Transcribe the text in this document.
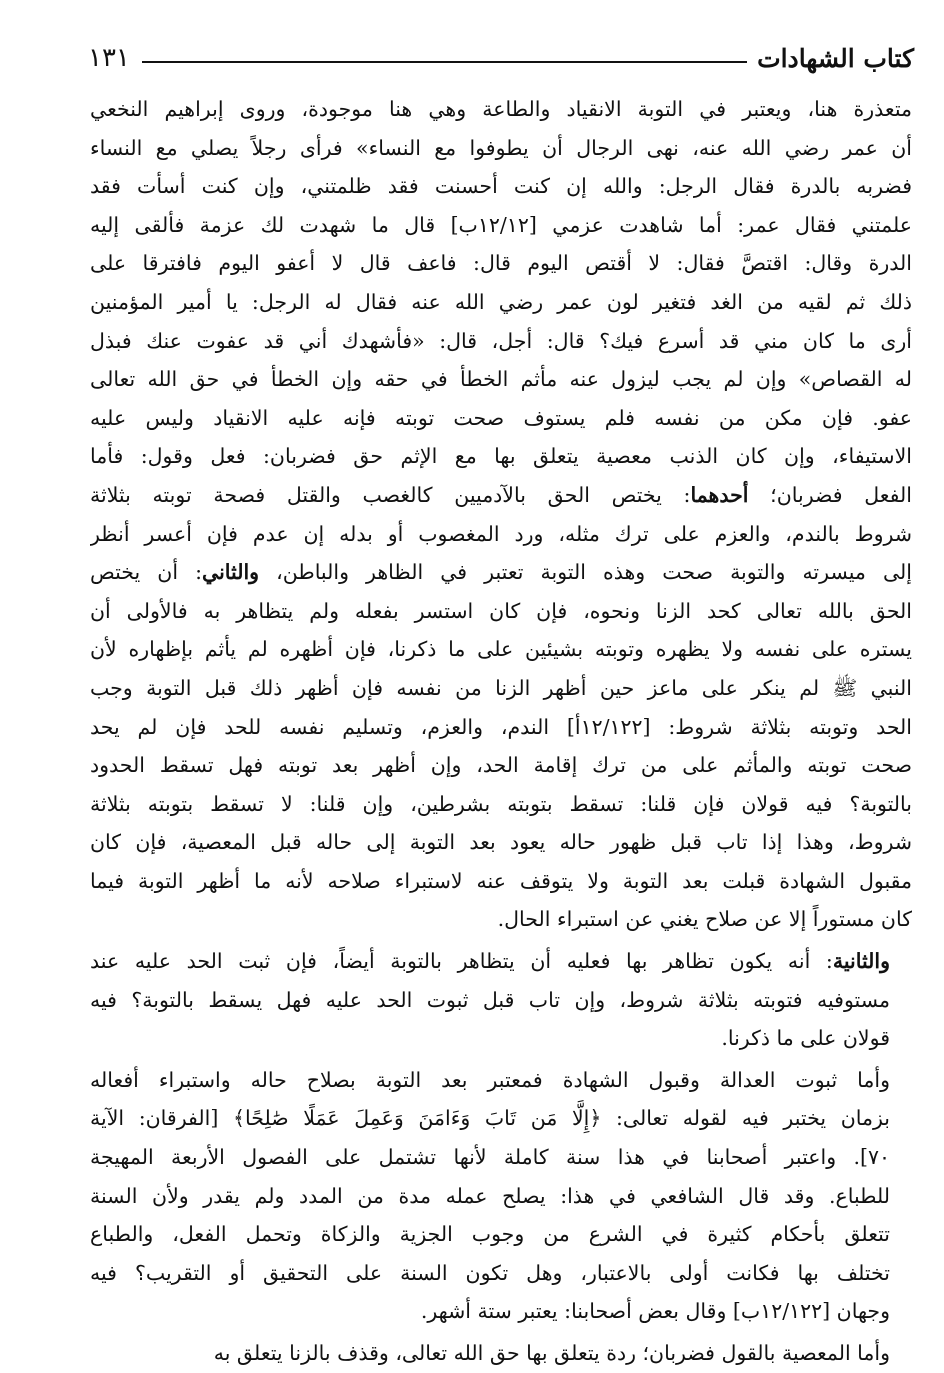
كتاب الشهادات
١٣١
متعذرة هنا، ويعتبر في التوبة الانقياد والطاعة وهي هنا موجودة، وروى إبراهيم النخعي
أن عمر رضي الله عنه، نهى الرجال أن يطوفوا مع النساء» فرأى رجلاً يصلي مع النساء
فضربه بالدرة فقال الرجل: والله إن كنت أحسنت فقد ظلمتني، وإن كنت أسأت فقد
علمتني فقال عمر: أما شاهدت عزمي [١٢/١٢ب] قال ما شهدت لك عزمة فألقى إليه
الدرة وقال: اقتصَّ فقال: لا أقتص اليوم قال: فاعف قال لا أعفو اليوم فافترقا على
ذلك ثم لقيه من الغد فتغير لون عمر رضي الله عنه فقال له الرجل: يا أمير المؤمنين
أرى ما كان مني قد أسرع فيك؟ قال: أجل، قال: «فأشهدك أني قد عفوت عنك فبذل
له القصاص» وإن لم يجب ليزول عنه مأثم الخطأ في حقه وإن الخطأ في حق الله تعالى
عفو. فإن مكن من نفسه فلم يستوف صحت توبته فإنه عليه الانقياد وليس عليه
الاستيفاء، وإن كان الذنب معصية يتعلق بها مع الإثم حق فضربان: فعل وقول: فأما
الفعل فضربان؛ أحدهما: يختص الحق بالآدميين كالغصب والقتل فصحة توبته بثلاثة
شروط بالندم، والعزم على ترك مثله، ورد المغصوب أو بدله إن عدم فإن أعسر أنظر
إلى ميسرته والتوبة صحت وهذه التوبة تعتبر في الظاهر والباطن، والثاني: أن يختص
الحق بالله تعالى كحد الزنا ونحوه، فإن كان استسر بفعله ولم يتظاهر به فالأولى أن
يستره على نفسه ولا يظهره وتوبته بشيئين على ما ذكرنا، فإن أظهره لم يأثم بإظهاره لأن
النبي ﷺ لم ينكر على ماعز حين أظهر الزنا من نفسه فإن أظهر ذلك قبل التوبة وجب
الحد وتوبته بثلاثة شروط: [١٢/١٢٢أ] الندم، والعزم، وتسليم نفسه للحد فإن لم يحد
صحت توبته والمأثم على من ترك إقامة الحد، وإن أظهر بعد توبته فهل تسقط الحدود
بالتوبة؟ فيه قولان فإن قلنا: تسقط بتوبته بشرطين، وإن قلنا: لا تسقط بتوبته بثلاثة
شروط، وهذا إذا تاب قبل ظهور حاله يعود بعد التوبة إلى حاله قبل المعصية، فإن كان
مقبول الشهادة قبلت بعد التوبة ولا يتوقف عنه لاستبراء صلاحه لأنه ما أظهر التوبة فيما
كان مستوراً إلا عن صلاح يغني عن استبراء الحال.
والثانية: أنه يكون تظاهر بها فعليه أن يتظاهر بالتوبة أيضاً، فإن ثبت الحد عليه عند
مستوفيه فتوبته بثلاثة شروط، وإن تاب قبل ثبوت الحد عليه فهل يسقط بالتوبة؟ فيه
قولان على ما ذكرنا.
وأما ثبوت العدالة وقبول الشهادة فمعتبر بعد التوبة بصلاح حاله واستبراء أفعاله
بزمان يختبر فيه لقوله تعالى: ﴿إِلَّا مَن تَابَ وَءَامَنَ وَعَمِلَ عَمَلًا صَٰلِحًا﴾ [الفرقان: الآية
٧٠]. واعتبر أصحابنا في هذا سنة كاملة لأنها تشتمل على الفصول الأربعة المهيجة
للطباع. وقد قال الشافعي في هذا: يصلح عمله مدة من المدد ولم يقدر ولأن السنة
تتعلق بأحكام كثيرة في الشرع من وجوب الجزية والزكاة وتحمل الفعل، والطباع
تختلف بها فكانت أولى بالاعتبار، وهل تكون السنة على التحقيق أو التقريب؟ فيه
وجهان [١٢/١٢٢ب] وقال بعض أصحابنا: يعتبر ستة أشهر.
وأما المعصية بالقول فضربان؛ ردة يتعلق بها حق الله تعالى، وقذف بالزنا يتعلق به
